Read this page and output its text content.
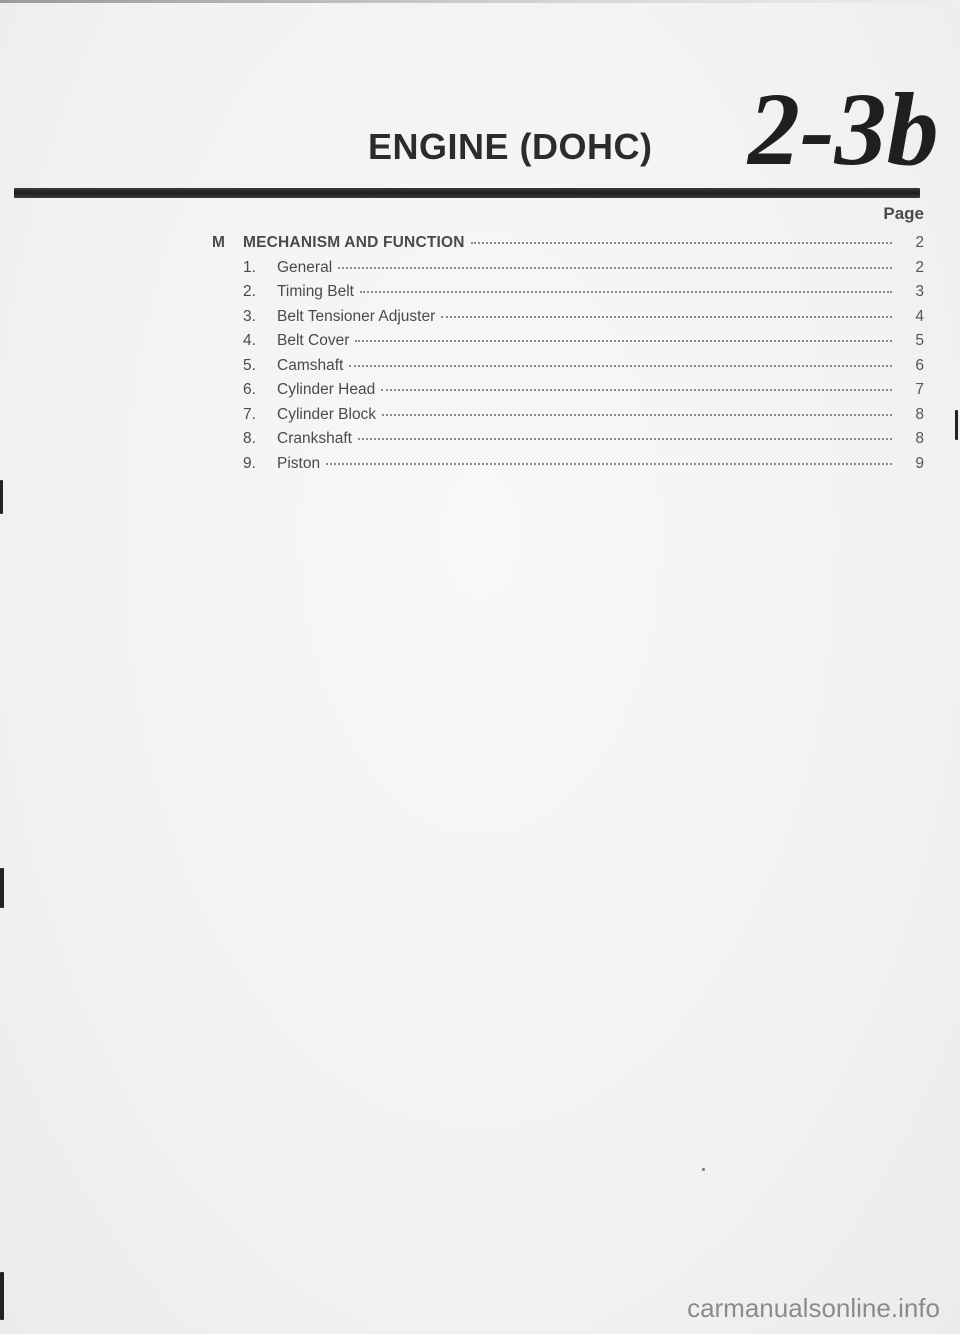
ENGINE (DOHC) 2-3b
Page
M	MECHANISM AND FUNCTION	2
1.	General	2
2.	Timing Belt	3
3.	Belt Tensioner Adjuster	4
4.	Belt Cover	5
5.	Camshaft	6
6.	Cylinder Head	7
7.	Cylinder Block	8
8.	Crankshaft	8
9.	Piston	9
carmanualsonline.info
